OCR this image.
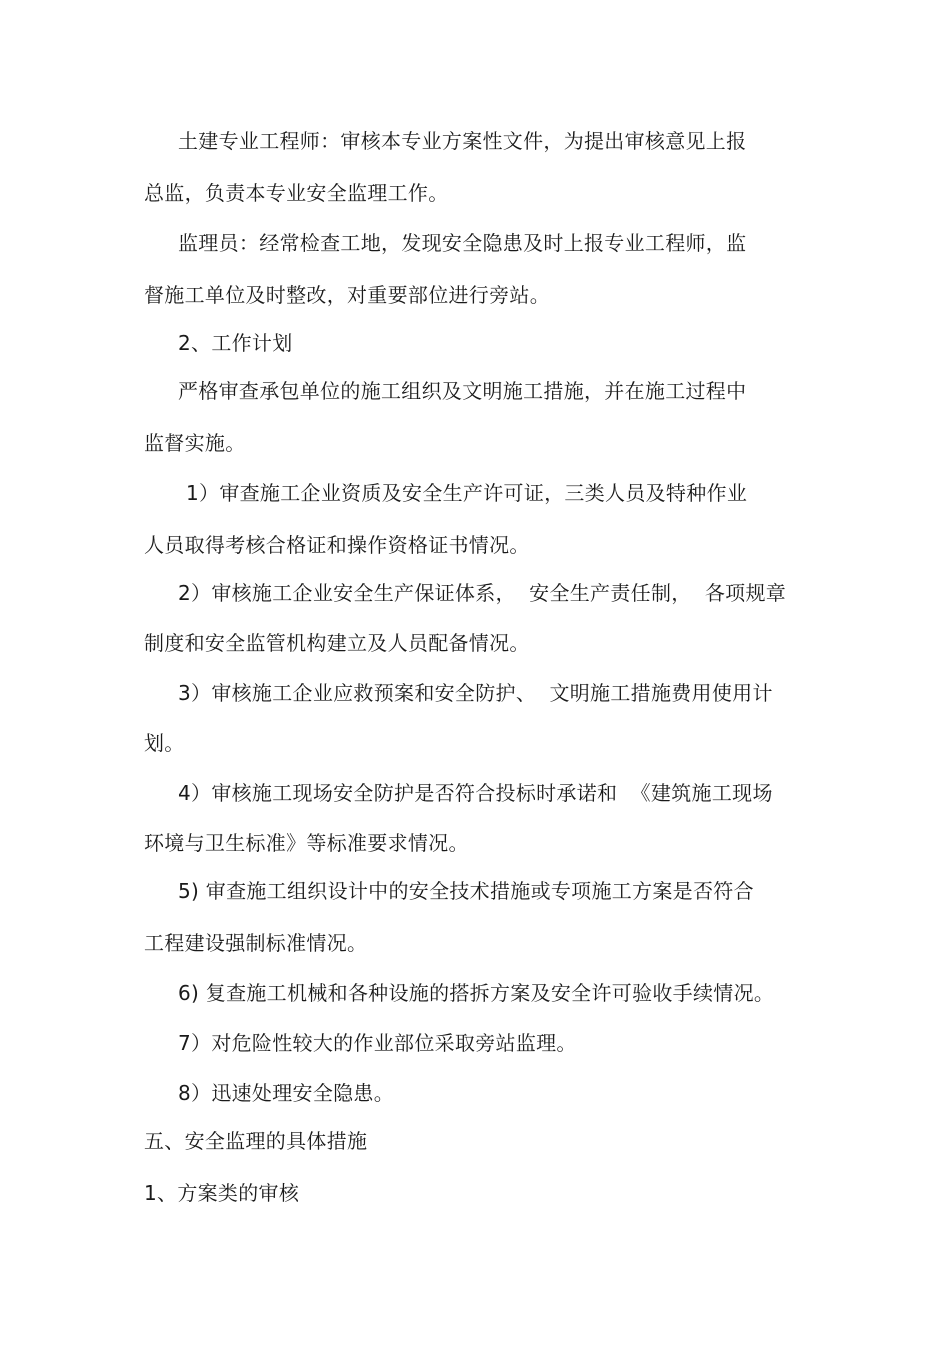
土建专业工程师：审核本专业方案性文件，为提出审核意见上报
总监，负责本专业安全监理工作。
监理员：经常检查工地，发现安全隐患及时上报专业工程师，监
督施工单位及时整改，对重要部位进行旁站。
2、工作计划
严格审查承包单位的施工组织及文明施工措施，并在施工过程中
监督实施。
1）审查施工企业资质及安全生产许可证，三类人员及特种作业
人员取得考核合格证和操作资格证书情况。
2）审核施工企业安全生产保证体系，  安全生产责任制，  各项规章
制度和安全监管机构建立及人员配备情况。
3）审核施工企业应救预案和安全防护、  文明施工措施费用使用计
划。
4）审核施工现场安全防护是否符合投标时承诺和  《建筑施工现场
环境与卫生标准》等标准要求情况。
5) 审查施工组织设计中的安全技术措施或专项施工方案是否符合
工程建设强制标准情况。
6) 复查施工机械和各种设施的搭拆方案及安全许可验收手续情况。
7）对危险性较大的作业部位采取旁站监理。
8）迅速处理安全隐患。
五、安全监理的具体措施
1、方案类的审核
